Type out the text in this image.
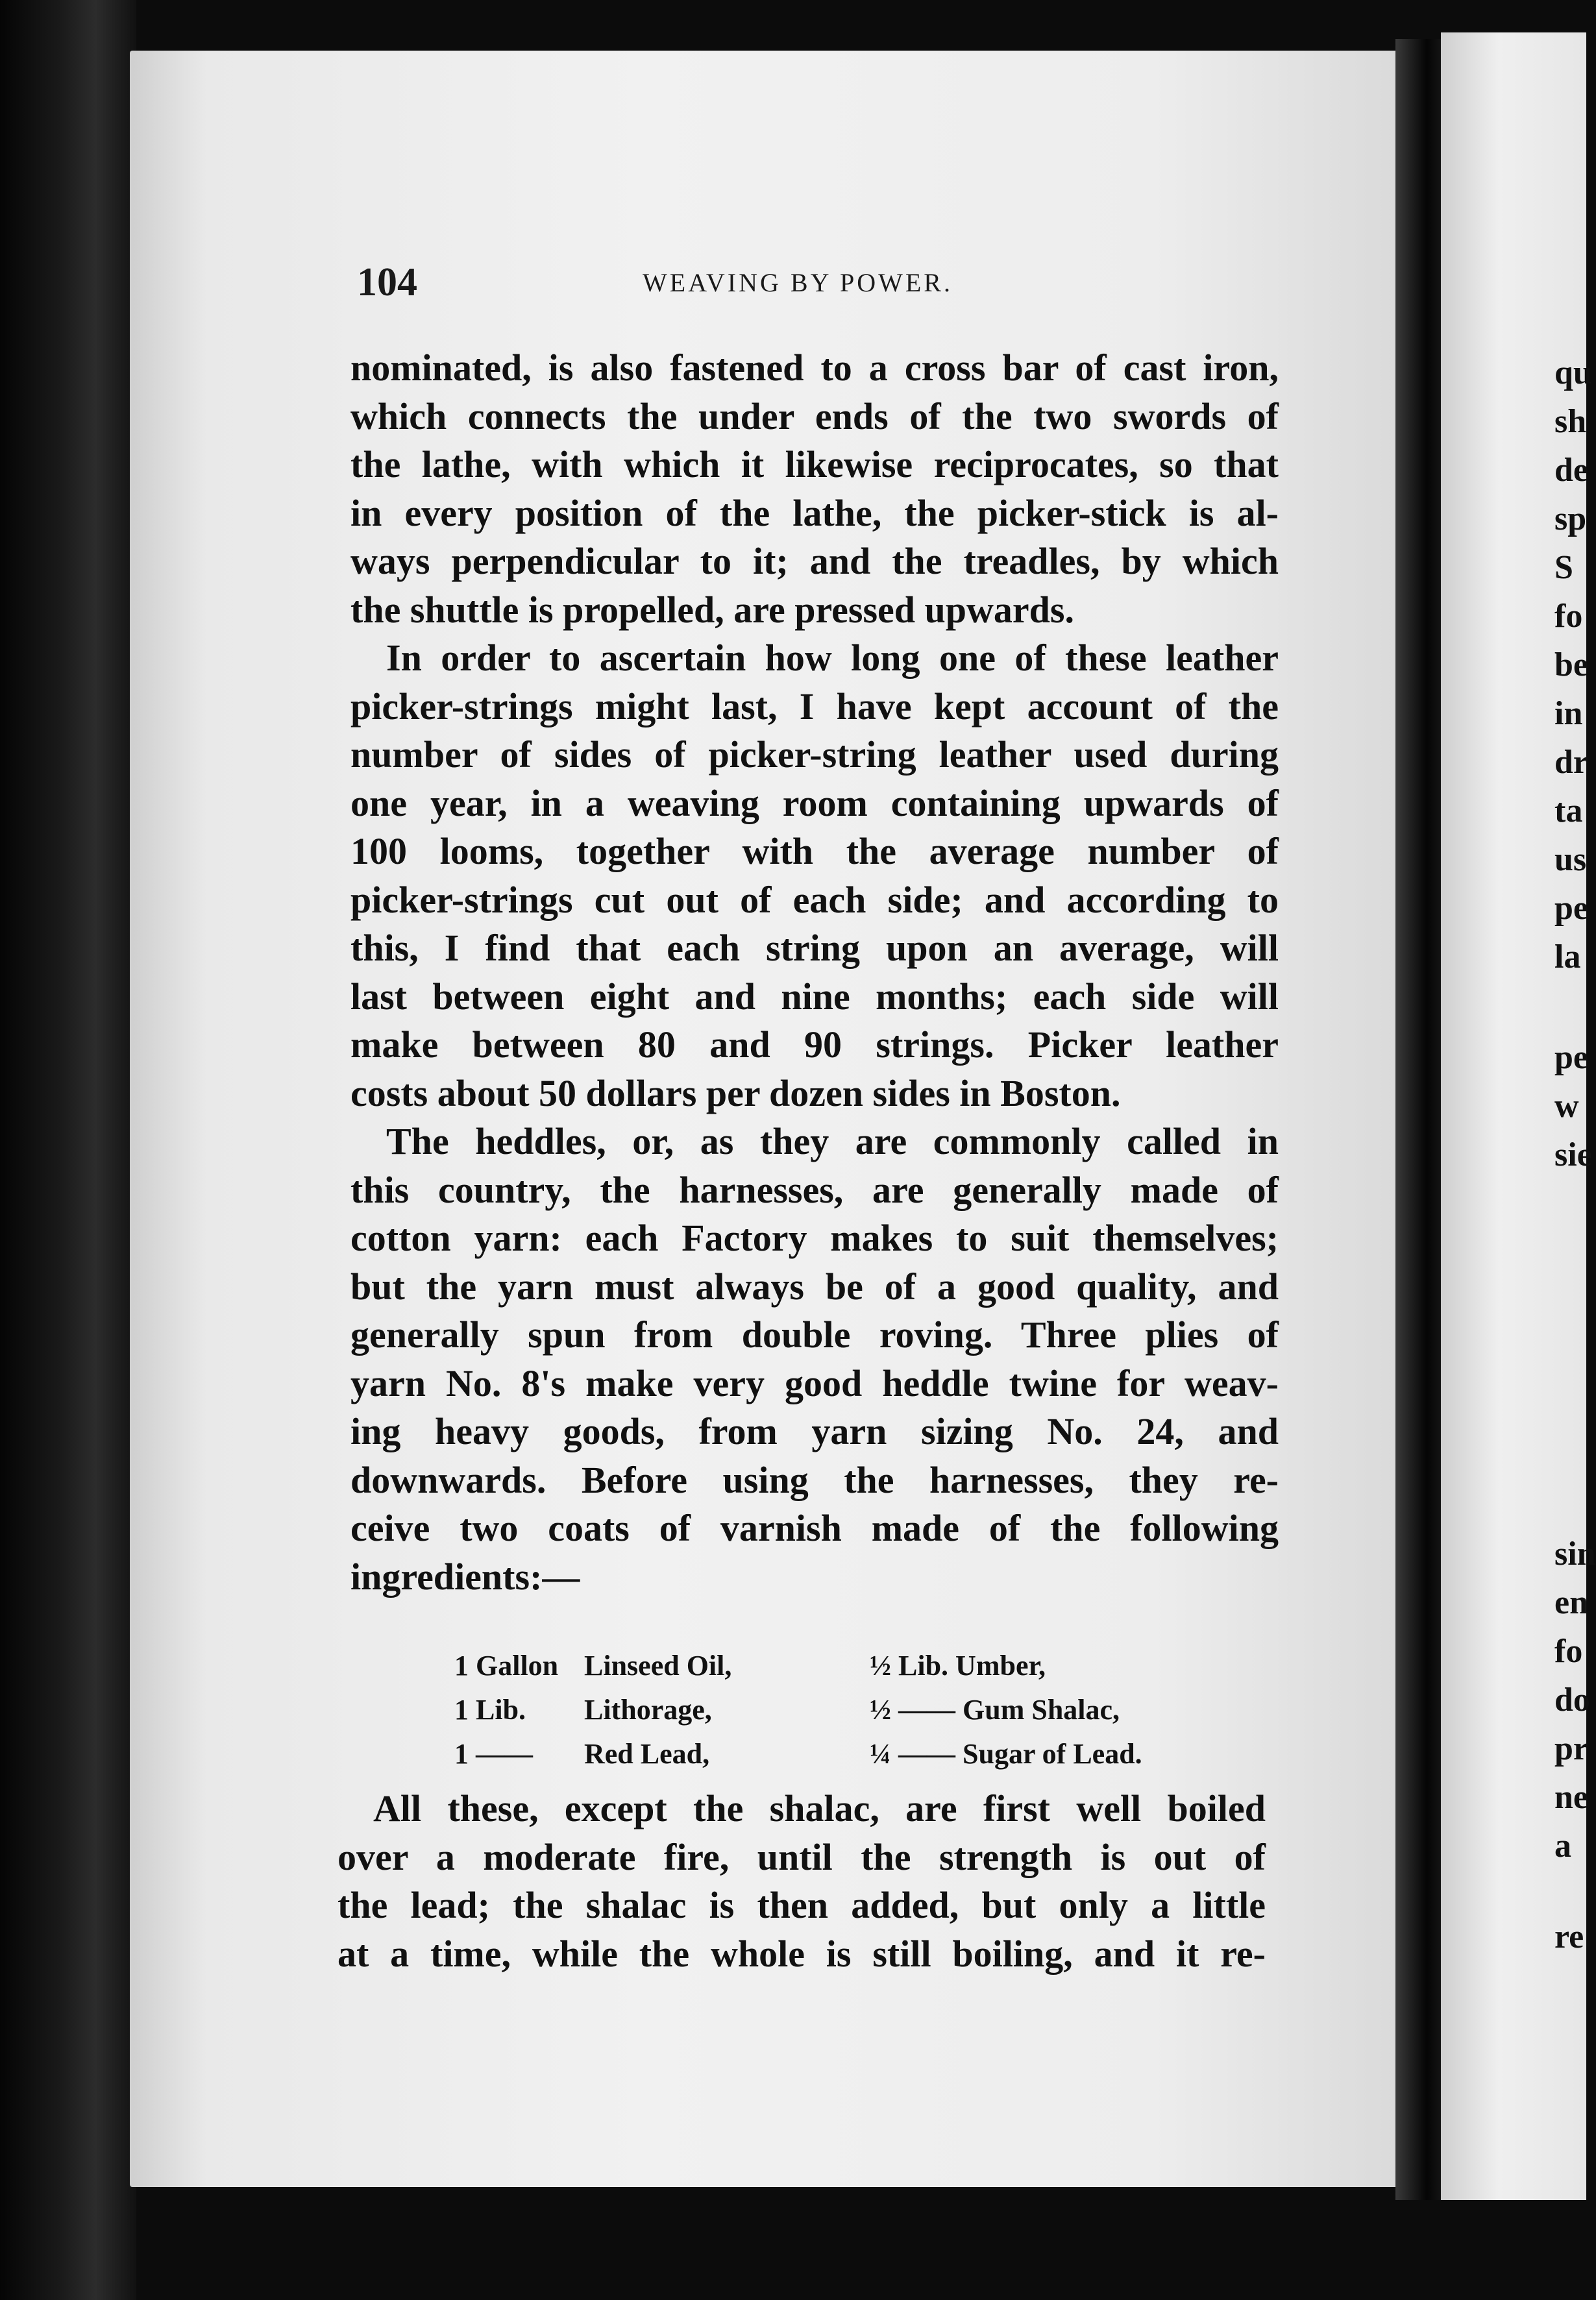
104	WEAVING BY POWER.
nominated, is also fastened to a cross bar of cast iron,
which connects the under ends of the two swords of
the lathe, with which it likewise reciprocates, so that
in every position of the lathe, the picker-stick is al-
ways perpendicular to it; and the treadles, by which
the shuttle is propelled, are pressed upwards.
In order to ascertain how long one of these leather
picker-strings might last, I have kept account of the
number of sides of picker-string leather used during
one year, in a weaving room containing upwards of
100 looms, together with the average number of
picker-strings cut out of each side; and according to
this, I find that each string upon an average, will
last between eight and nine months; each side will
make between 80 and 90 strings. Picker leather
costs about 50 dollars per dozen sides in Boston.
The heddles, or, as they are commonly called in
this country, the harnesses, are generally made of
cotton yarn: each Factory makes to suit themselves;
but the yarn must always be of a good quality, and
generally spun from double roving. Three plies of
yarn No. 8's make very good heddle twine for weav-
ing heavy goods, from yarn sizing No. 24, and
downwards. Before using the harnesses, they re-
ceive two coats of varnish made of the following
ingredients:—
1 Gallon Linseed Oil,	½ Lib. Umber,
1 Lib.	Lithorage,	½ —— Gum Shalac,
1 ——	Red Lead,	¼ —— Sugar of Lead.
All these, except the shalac, are first well boiled
over a moderate fire, until the strength is out of
the lead; the shalac is then added, but only a little
at a time, while the whole is still boiling, and it re-
qu
sh
de
sp
S
fo
be
in
dr
ta
us
pe
la
pe
w
sie
sin
en
fo
do
pr
ne
a
re
